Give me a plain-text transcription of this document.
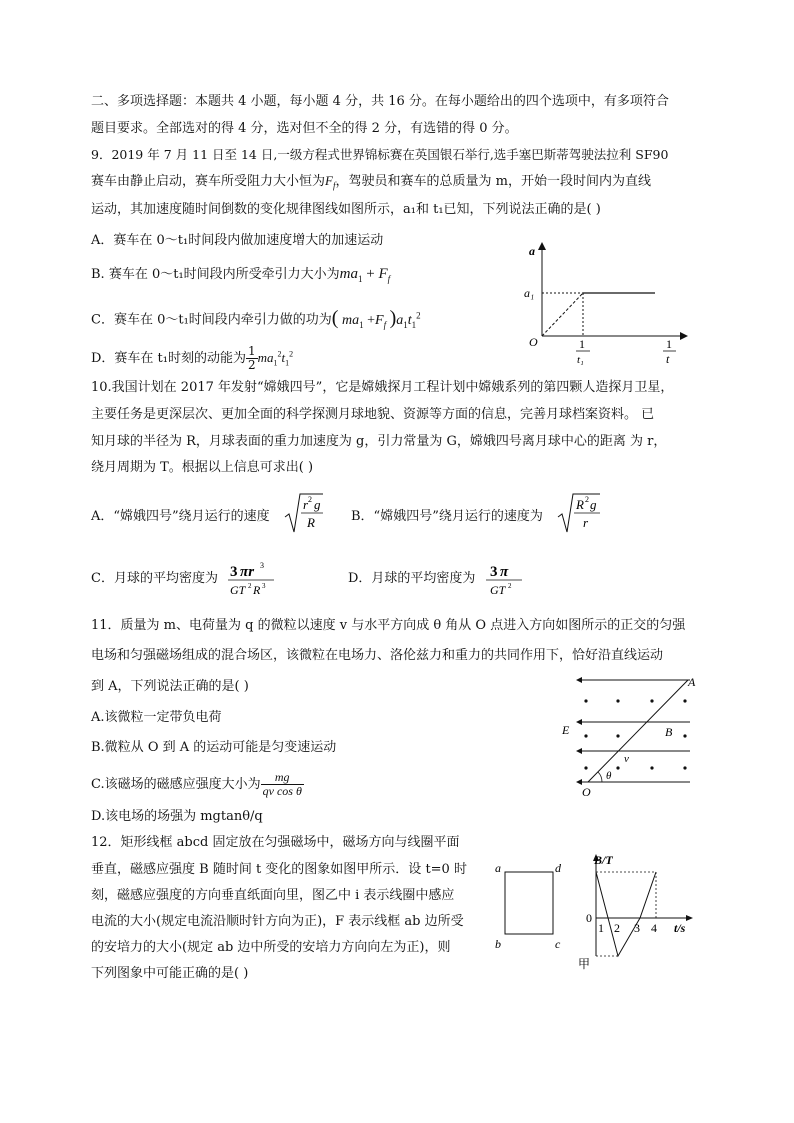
二、多项选择题：本题共 4 小题，每小题 4 分，共 16 分。在每小题给出的四个选项中，有多项符合
题目要求。全部选对的得 4 分，选对但不全的得 2 分，有选错的得 0 分。
9．2019 年 7 月 11 日至 14 日,一级方程式世界锦标赛在英国银石举行,选手塞巴斯蒂驾驶法拉利 SF90
赛车由静止启动，赛车所受阻力大小恒为$F_f$，驾驶员和赛车的总质量为 m，开始一段时间内为直线
运动，其加速度随时间倒数的变化规律图线如图所示，a₁和 t₁已知，下列说法正确的是( )
A．赛车在 0～t₁时间段内做加速度增大的加速运动
B. 赛车在 0～t₁时间段内所受牵引力大小为$ma_1 + F_f$
C．赛车在 0～t₁时间段内牵引力做的功为( $ma_1 +F_f$ )$a_1t_1^2$
D．赛车在 t₁时刻的动能为 $\frac{1}{2} ma_1^2t_1^2$
a
a₁
O	1
t₁
1
t
10.我国计划在 2017 年发射“嫦娥四号”，它是嫦娥探月工程计划中嫦娥系列的第四颗人造探月卫星，
主要任务是更深层次、更加全面的科学探测月球地貌、资源等方面的信息，完善月球档案资料。 已
知月球的半径为 R，月球表面的重力加速度为 g，引力常量为 G，嫦娥四号离月球中心的距离 为 r，
绕月周期为 T。根据以上信息可求出( )
A．“嫦娥四号”绕月运行的速度
r 2 g
R	B．“嫦娥四号”绕月运行的速度为
R 2 g
r
C．月球的平均密度为 3 πr 3
GT 2 R 3	D．月球的平均密度为 3 π
GT 2
11．质量为 m、电荷量为 q 的微粒以速度 v 与水平方向成 θ 角从 O 点进入方向如图所示的正交的匀强
电场和匀强磁场组成的混合场区，该微粒在电场力、洛伦兹力和重力的共同作用下，恰好沿直线运动
到 A，下列说法正确的是( )
A.该微粒一定带负电荷
B.微粒从 O 到 A 的运动可能是匀变速运动
C.该磁场的磁感应强度大小为 $\frac{mg}{\text{qv cos θ}}$
D.该电场的场强为 mgtanθ/q
A
E	B
v
θ
O
12．矩形线框 abcd 固定放在匀强磁场中，磁场方向与线圈平面
垂直，磁感应强度 B 随时间 t 变化的图象如图甲所示．设 t=0 时
刻，磁感应强度的方向垂直纸面向里，图乙中 i 表示线圈中感应
电流的大小(规定电流沿顺时针方向为正)，F 表示线框 ab 边所受
的安培力的大小(规定 ab 边中所受的安培力方向向左为正)，则
下列图象中可能正确的是( )
a	d
b	c
B/T
0
1 2 3 4 t/s
甲
